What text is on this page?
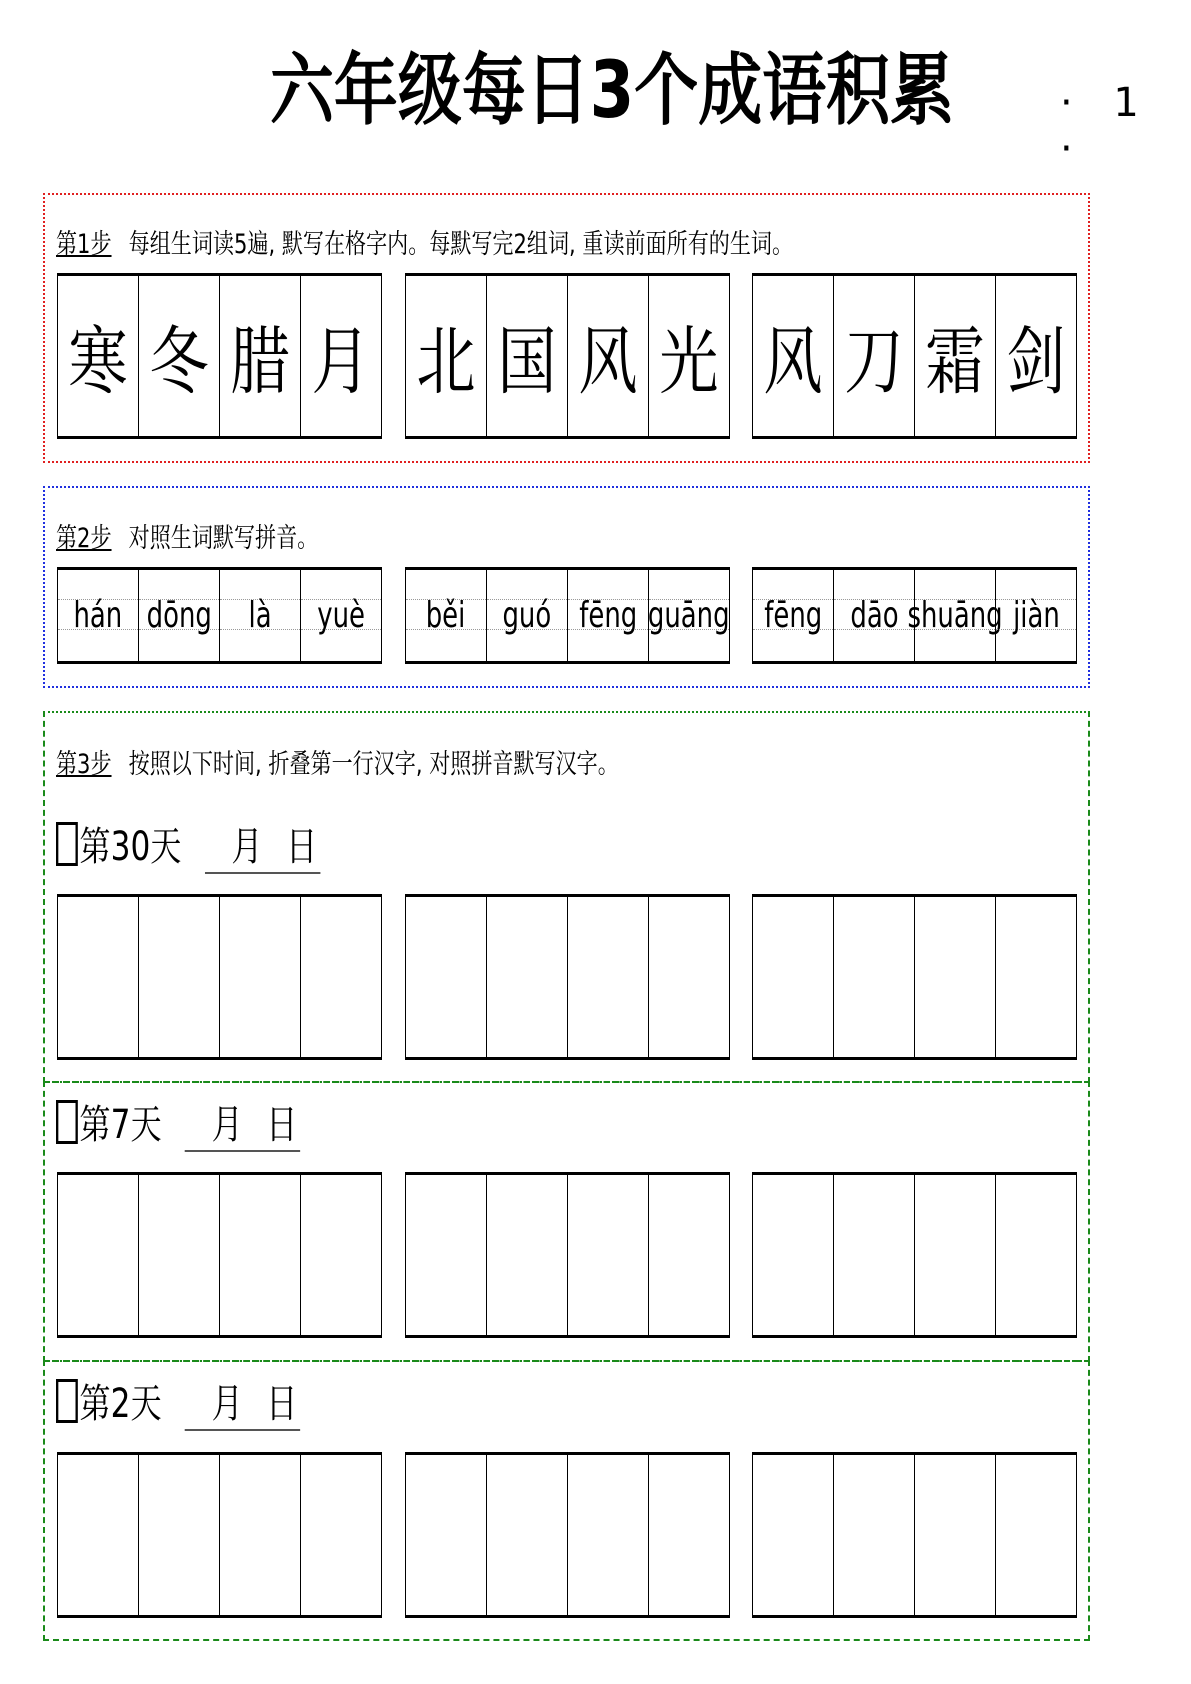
六年级每日3个成语积累	· 1 ·
第1步 每组生词读5遍, 默写在格字内。每默写完2组词, 重读前面所有的生词。
第2步 对照生词默写拼音。
第3步 按照以下时间, 折叠第一行汉字, 对照拼音默写汉字。
寒 冬 腊 月
hán dōng là yuè
北 国 风 光
běi guó fēng guāng
风 刀 霜 剑
fēng dāo shuāng jiàn
第30天 月 日
第7天 月 日
第2天 月 日
